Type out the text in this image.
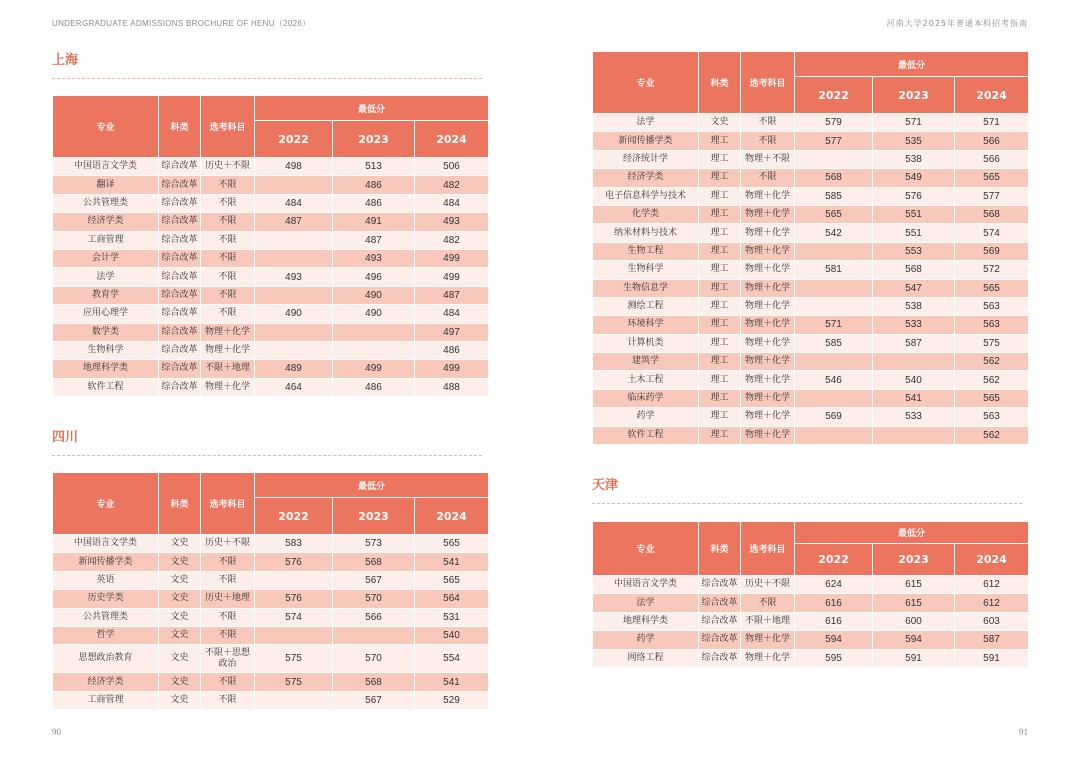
UNDERGRADUATE ADMISSIONS BROCHURE OF HENU（2026）	河南大学2025年普通本科招考指南
上海
专业	科类	选考科目	最低分		
			2022	2023	2024
中国语言文学类	综合改革	历史＋不限	498	513	506
翻译	综合改革	不限		486	482
公共管理类	综合改革	不限	484	486	484
经济学类	综合改革	不限	487	491	493
工商管理	综合改革	不限		487	482
会计学	综合改革	不限		493	499
法学	综合改革	不限	493	496	499
教育学	综合改革	不限		490	487
应用心理学	综合改革	不限	490	490	484
数学类	综合改革	物理＋化学			497
生物科学	综合改革	物理＋化学			486
地理科学类	综合改革	不限＋地理	489	499	499
软件工程	综合改革	物理＋化学	464	486	488
四川
专业	科类	选考科目	最低分		
			2022	2023	2024
中国语言文学类	文史	历史＋不限	583	573	565
新闻传播学类	文史	不限	576	568	541
英语	文史	不限		567	565
历史学类	文史	历史＋地理	576	570	564
公共管理类	文史	不限	574	566	531
哲学	文史	不限			540
思想政治教育	文史	不限＋思想政治	575	570	554
经济学类	文史	不限	575	568	541
工商管理	文史	不限		567	529
专业	科类	选考科目	最低分		
			2022	2023	2024
法学	文史	不限	579	571	571
新闻传播学类	理工	不限	577	535	566
经济统计学	理工	物理＋不限		538	566
经济学类	理工	不限	568	549	565
电子信息科学与技术	理工	物理＋化学	585	576	577
化学类	理工	物理＋化学	565	551	568
纳米材料与技术	理工	物理＋化学	542	551	574
生物工程	理工	物理＋化学		553	569
生物科学	理工	物理＋化学	581	568	572
生物信息学	理工	物理＋化学		547	565
测绘工程	理工	物理＋化学		538	563
环境科学	理工	物理＋化学	571	533	563
计算机类	理工	物理＋化学	585	587	575
建筑学	理工	物理＋化学			562
土木工程	理工	物理＋化学	546	540	562
临床药学	理工	物理＋化学		541	565
药学	理工	物理＋化学	569	533	563
软件工程	理工	物理＋化学			562
天津
专业	科类	选考科目	最低分		
			2022	2023	2024
中国语言文学类	综合改革	历史＋不限	624	615	612
法学	综合改革	不限	616	615	612
地理科学类	综合改革	不限＋地理	616	600	603
药学	综合改革	物理＋化学	594	594	587
网络工程	综合改革	物理＋化学	595	591	591
90	91
